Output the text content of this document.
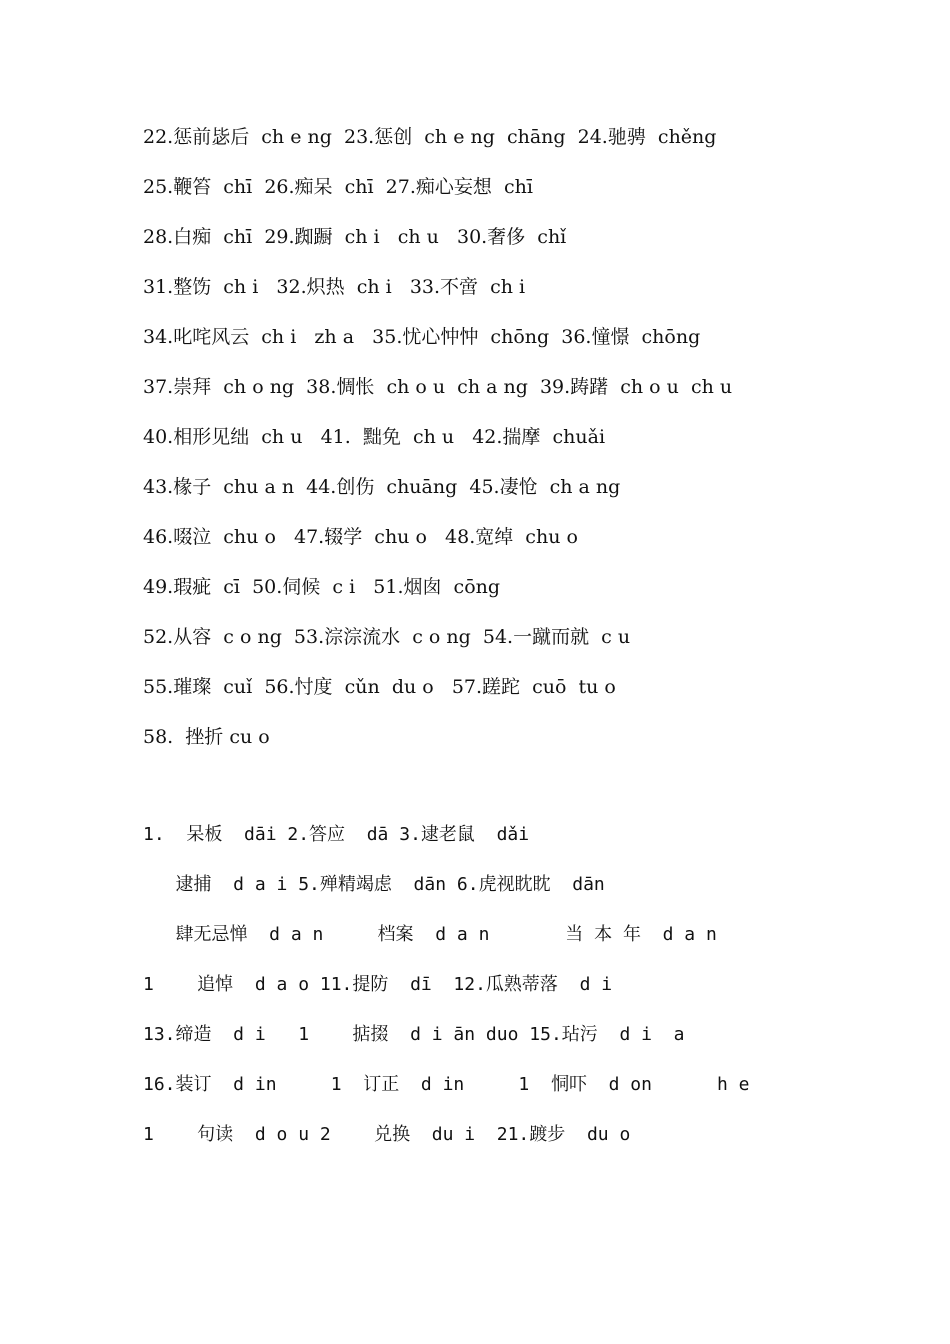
22.惩前毖后  ch e ng  23.惩创  ch e ng  chāng  24.驰骋  chěng
25.鞭笞  chī  26.痴呆  chī  27.痴心妄想  chī
28.白痴  chī  29.踟蹰  ch i   ch u   30.奢侈  chǐ
31.整饬  ch i   32.炽热  ch i   33.不啻  ch i
34.叱咤风云  ch i   zh a   35.忧心忡忡  chōng  36.憧憬  chōng
37.崇拜  ch o ng  38.惆怅  ch o u  ch a ng  39.踌躇  ch o u  ch u
40.相形见绌  ch u   41.  黜免  ch u   42.揣摩  chuǎi
43.椽子  chu a n  44.创伤  chuāng  45.凄怆  ch a ng
46.啜泣  chu o   47.辍学  chu o   48.宽绰  chu o
49.瑕疵  cī  50.伺候  c i   51.烟囱  cōng
52.从容  c o ng  53.淙淙流水  c o ng  54.一蹴而就  c u
55.璀璨  cuǐ  56.忖度  cǔn  du o   57.蹉跎  cuō  tu o
58.  挫折 cu o
1.  呆板  dāi 2.答应  dā 3.逮老鼠  dǎi
逮捕  d a i 5.殚精竭虑  dān 6.虎视眈眈  dān
肆无忌惮  d a n     档案  d a n       当 本 年  d a n
1    追悼  d a o 11.提防  dī  12.瓜熟蒂落  d i
13.缔造  d i   1    掂掇  d i ān duo 15.玷污  d i  a
16.装订  d in     1  订正  d in     1  恫吓  d on      h e
1    句读  d o u 2    兑换  du i  21.踱步  du o
